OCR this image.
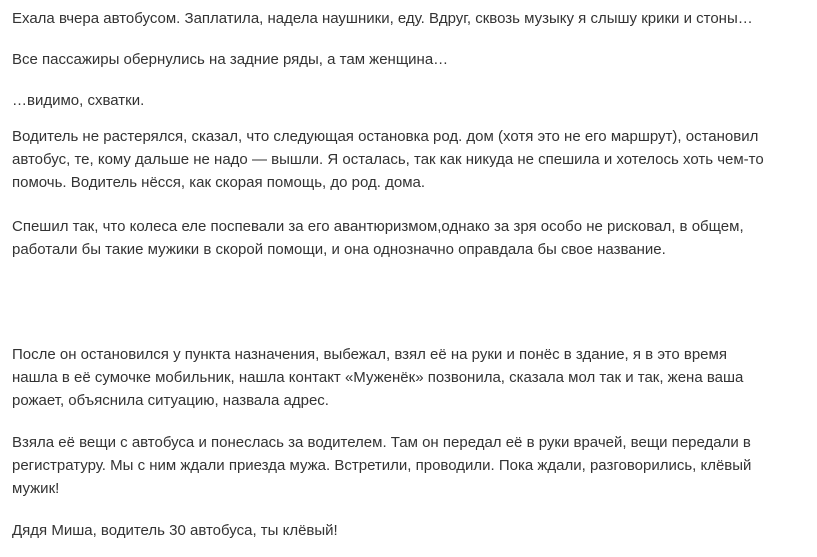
Ехала вчера автобусом. Заплатила, надела наушники, еду. Вдруг, сквозь музыку я слышу крики и стоны…

Все пассажиры обернулись на задние ряды, а там женщина…

…видимо, схватки.

Водитель не растерялся, сказал, что следующая остановка род. дом (хотя это не его маршрут), остановил
автобус, те, кому дальше не надо — вышли. Я осталась, так как никуда не спешила и хотелось хоть чем-то
помочь. Водитель нёсся, как скорая помощь, до род. дома.

Спешил так, что колеса еле поспевали за его авантюризмом,однако за зря особо не рисковал, в общем,
работали бы такие мужики в скорой помощи, и она однозначно оправдала бы свое название.

После он остановился у пункта назначения, выбежал, взял её на руки и понёс в здание, я в это время
нашла в её сумочке мобильник, нашла контакт «Муженёк» позвонила, сказала мол так и так, жена ваша
рожает, объяснила ситуацию, назвала адрес.

Взяла её вещи с автобуса и понеслась за водителем. Там он передал её в руки врачей, вещи передали в
регистратуру. Мы с ним ждали приезда мужа. Встретили, проводили. Пока ждали, разговорились, клёвый
мужик!

Дядя Миша, водитель 30 автобуса, ты клёвый!
